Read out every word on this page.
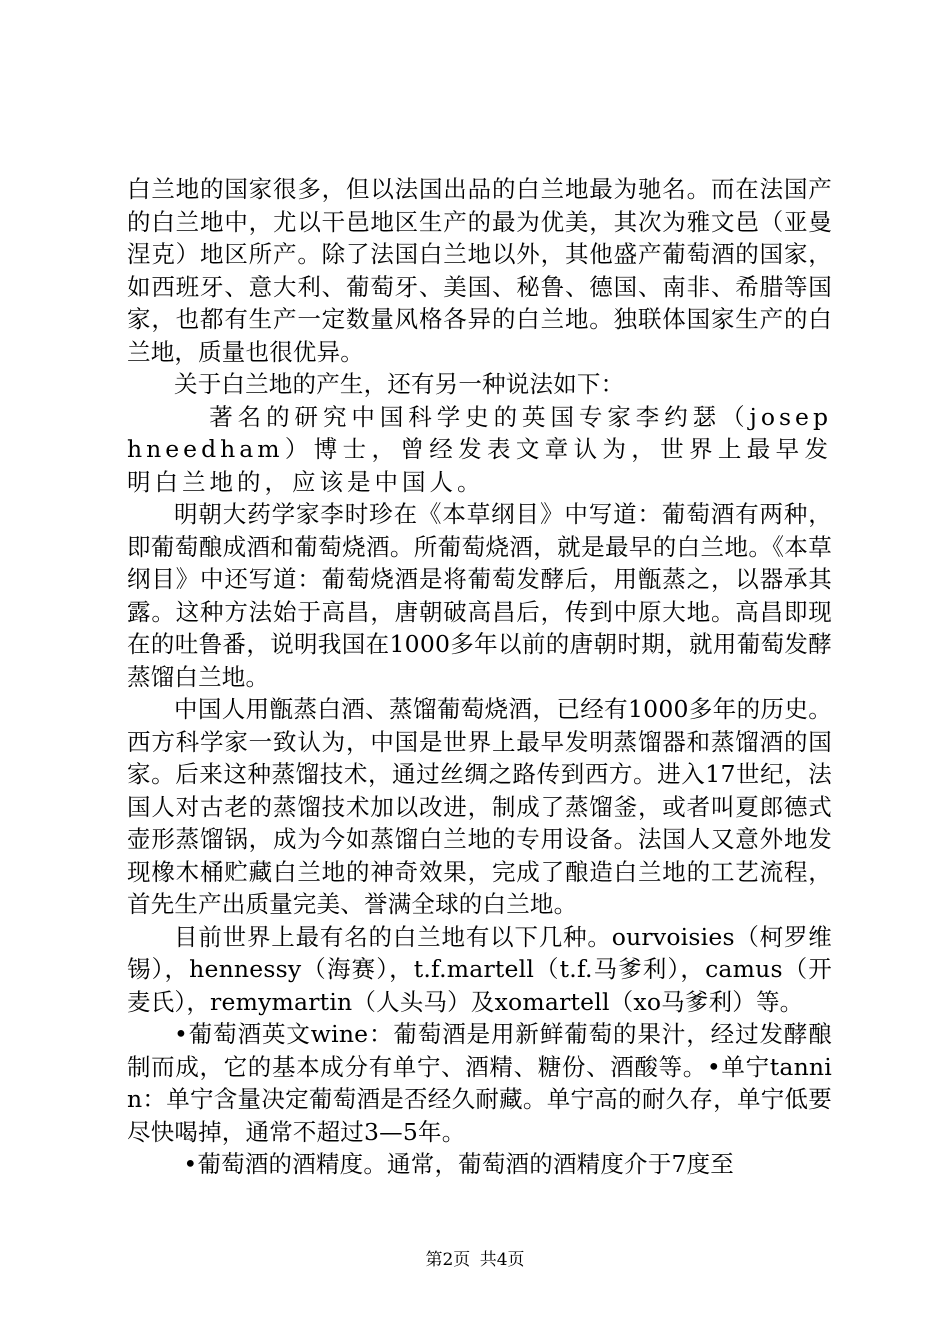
白兰地的国家很多，但以法国出品的白兰地最为驰名。而在法国产的白兰地中，尤以干邑地区生产的最为优美，其次为雅文邑（亚曼涅克）地区所产。除了法国白兰地以外，其他盛产葡萄酒的国家，如西班牙、意大利、葡萄牙、美国、秘鲁、德国、南非、希腊等国家，也都有生产一定数量风格各异的白兰地。独联体国家生产的白兰地，质量也很优异。

关于白兰地的产生，还有另一种说法如下：

著名的研究中国科学史的英国专家李约瑟（josephneedham）博士，曾经发表文章认为，世界上最早发明白兰地的，应该是中国人。

明朝大药学家李时珍在《本草纲目》中写道：葡萄酒有两种，即葡萄酿成酒和葡萄烧酒。所葡萄烧酒，就是最早的白兰地。《本草纲目》中还写道：葡萄烧酒是将葡萄发酵后，用甑蒸之，以器承其露。这种方法始于高昌，唐朝破高昌后，传到中原大地。高昌即现在的吐鲁番，说明我国在1000多年以前的唐朝时期，就用葡萄发酵蒸馏白兰地。

中国人用甑蒸白酒、蒸馏葡萄烧酒，已经有1000多年的历史。西方科学家一致认为，中国是世界上最早发明蒸馏器和蒸馏酒的国家。后来这种蒸馏技术，通过丝绸之路传到西方。进入17世纪，法国人对古老的蒸馏技术加以改进，制成了蒸馏釜，或者叫夏郎德式壶形蒸馏锅，成为今如蒸馏白兰地的专用设备。法国人又意外地发现橡木桶贮藏白兰地的神奇效果，完成了酿造白兰地的工艺流程，首先生产出质量完美、誉满全球的白兰地。

目前世界上最有名的白兰地有以下几种。ourvoisies（柯罗维锡），hennessy（海赛），t.f.martell（t.f.马爹利），camus（开麦氏），remymartin（人头马）及xomartell（xo马爹利）等。

•葡萄酒英文wine：葡萄酒是用新鲜葡萄的果汁，经过发酵酿制而成，它的基本成分有单宁、酒精、糖份、酒酸等。•单宁tannin：单宁含量决定葡萄酒是否经久耐藏。单宁高的耐久存，单宁低要尽快喝掉，通常不超过3—5年。

•葡萄酒的酒精度。通常，葡萄酒的酒精度介于7度至

第2页 共4页
